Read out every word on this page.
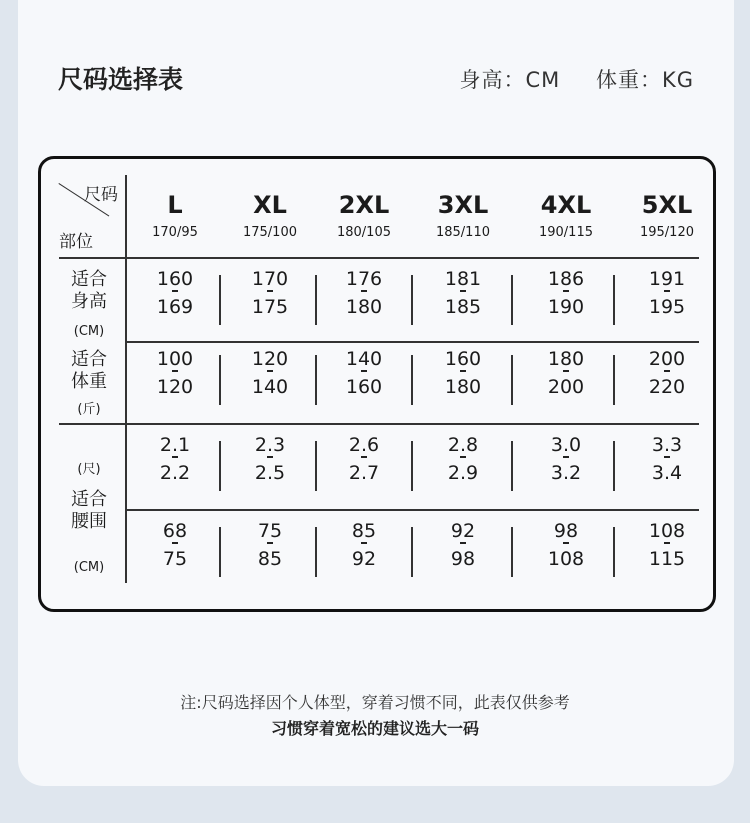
尺码选择表	身高：CM 体重：KG
尺码
部位
L
170/95
XL
175/100
2XL
180/105
3XL
185/110
4XL
190/115
5XL
195/120
适合
身高
(CM)
160
169
170
175
176
180
181
185
186
190
191
195
适合
体重
(斤)
100
120
120
140
140
160
160
180
180
200
200
220
(尺)
2.1
2.2
2.3
2.5
2.6
2.7
2.8
2.9
3.0
3.2
3.3
3.4
适合
腰围
(CM)
68
75
75
85
85
92
92
98
98
108
108
115
注:尺码选择因个人体型，穿着习惯不同，此表仅供参考
习惯穿着宽松的建议选大一码
